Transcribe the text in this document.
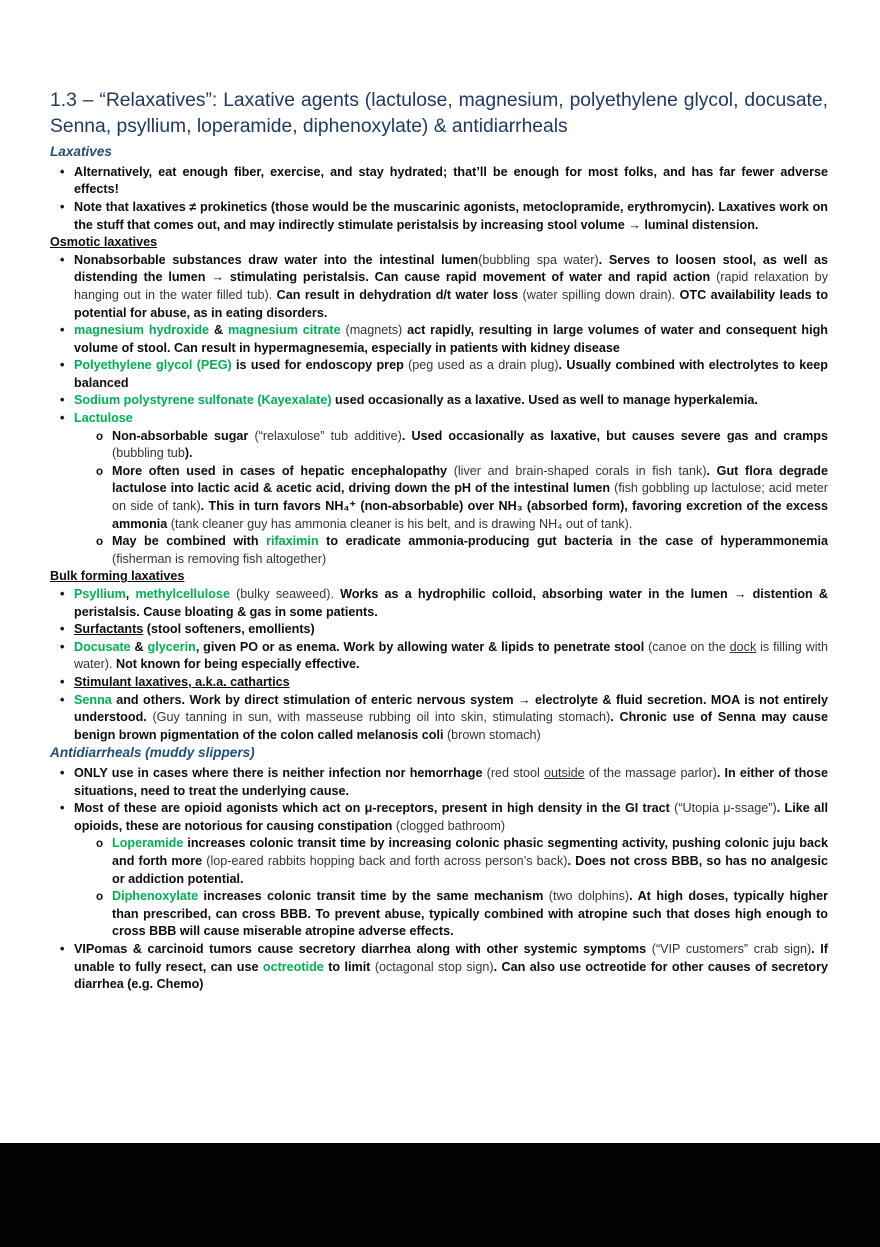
1.3 – “Relaxatives”: Laxative agents (lactulose, magnesium, polyethylene glycol, docusate, Senna, psyllium, loperamide, diphenoxylate) & antidiarrheals
Laxatives
• Alternatively, eat enough fiber, exercise, and stay hydrated; that’ll be enough for most folks, and has far fewer adverse effects!
• Note that laxatives ≠ prokinetics (those would be the muscarinic agonists, metoclopramide, erythromycin). Laxatives work on the stuff that comes out, and may indirectly stimulate peristalsis by increasing stool volume → luminal distension.
Osmotic laxatives
• Nonabsorbable substances draw water into the intestinal lumen(bubbling spa water). Serves to loosen stool, as well as distending the lumen → stimulating peristalsis. Can cause rapid movement of water and rapid action (rapid relaxation by hanging out in the water filled tub). Can result in dehydration d/t water loss (water spilling down drain). OTC availability leads to potential for abuse, as in eating disorders.
• magnesium hydroxide & magnesium citrate (magnets) act rapidly, resulting in large volumes of water and consequent high volume of stool. Can result in hypermagnesemia, especially in patients with kidney disease
• Polyethylene glycol (PEG) is used for endoscopy prep (peg used as a drain plug). Usually combined with electrolytes to keep balanced
• Sodium polystyrene sulfonate (Kayexalate) used occasionally as a laxative. Used as well to manage hyperkalemia.
• Lactulose
o Non-absorbable sugar (“relaxulose” tub additive). Used occasionally as laxative, but causes severe gas and cramps (bubbling tub).
o More often used in cases of hepatic encephalopathy (liver and brain-shaped corals in fish tank). Gut flora degrade lactulose into lactic acid & acetic acid, driving down the pH of the intestinal lumen (fish gobbling up lactulose; acid meter on side of tank). This in turn favors NH₄⁺ (non-absorbable) over NH₃ (absorbed form), favoring excretion of the excess ammonia (tank cleaner guy has ammonia cleaner is his belt, and is drawing NH₄ out of tank).
o May be combined with rifaximin to eradicate ammonia-producing gut bacteria in the case of hyperammonemia (fisherman is removing fish altogether)
Bulk forming laxatives
• Psyllium, methylcellulose (bulky seaweed). Works as a hydrophilic colloid, absorbing water in the lumen → distention & peristalsis. Cause bloating & gas in some patients.
• Surfactants (stool softeners, emollients)
• Docusate & glycerin, given PO or as enema. Work by allowing water & lipids to penetrate stool (canoe on the dock is filling with water). Not known for being especially effective.
• Stimulant laxatives, a.k.a. cathartics
• Senna and others. Work by direct stimulation of enteric nervous system → electrolyte & fluid secretion. MOA is not entirely understood. (Guy tanning in sun, with masseuse rubbing oil into skin, stimulating stomach). Chronic use of Senna may cause benign brown pigmentation of the colon called melanosis coli (brown stomach)
Antidiarrheals (muddy slippers)
• ONLY use in cases where there is neither infection nor hemorrhage (red stool outside of the massage parlor). In either of those situations, need to treat the underlying cause.
• Most of these are opioid agonists which act on μ-receptors, present in high density in the GI tract (“Utopia μ-ssage”). Like all opioids, these are notorious for causing constipation (clogged bathroom)
o Loperamide increases colonic transit time by increasing colonic phasic segmenting activity, pushing colonic juju back and forth more (lop-eared rabbits hopping back and forth across person’s back). Does not cross BBB, so has no analgesic or addiction potential.
o Diphenoxylate increases colonic transit time by the same mechanism (two dolphins). At high doses, typically higher than prescribed, can cross BBB. To prevent abuse, typically combined with atropine such that doses high enough to cross BBB will cause miserable atropine adverse effects.
• VIPomas & carcinoid tumors cause secretory diarrhea along with other systemic symptoms (“VIP customers” crab sign). If unable to fully resect, can use octreotide to limit (octagonal stop sign). Can also use octreotide for other causes of secretory diarrhea (e.g. Chemo)
